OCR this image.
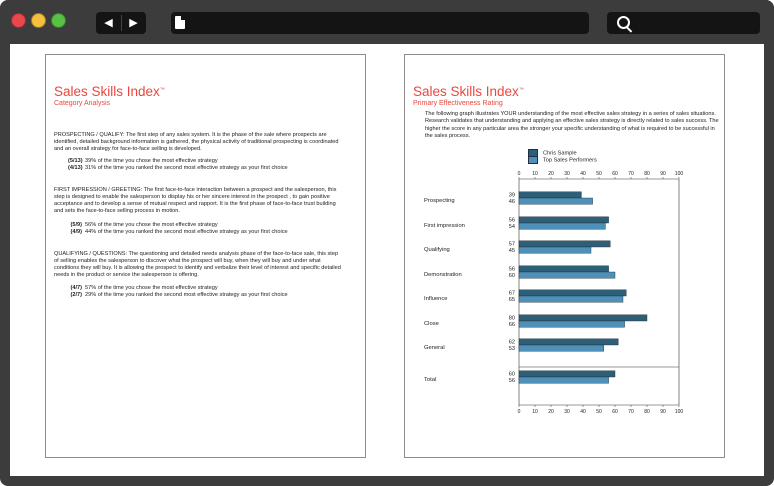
◀	▶
Sales Skills Index™
Category Analysis
PROSPECTING / QUALIFY: The first step of any sales system. It is the phase of the sale where prospects are identified, detailed background information is gathered, the physical activity of traditional prospecting is coordinated and an overall strategy for face-to-face selling is developed.
(5/13) 39% of the time you chose the most effective strategy
(4/13) 31% of the time you ranked the second most effective strategy as your first choice
FIRST IMPRESSION / GREETING: The first face-to-face interaction between a prospect and the salesperson, this step is designed to enable the salesperson to display his or her sincere interest in the prospect , to gain positive acceptance and to develop a sense of mutual respect and rapport. It is the first phase of face-to-face trust building and sets the face-to-face selling process in motion.
(5/9) 56% of the time you chose the most effective strategy
(4/9) 44% of the time you ranked the second most effective strategy as your first choice
QUALIFYING / QUESTIONS: The questioning and detailed needs analysis phase of the face-to-face sale, this step of selling enables the salesperson to discover what the prospect will buy, when they will buy and under what conditions they will buy. It is allowing the prospect to identify and verbalize their level of interest and specific detailed needs in the product or service the salesperson is offering.
(4/7) 57% of the time you chose the most effective strategy
(2/7) 29% of the time you ranked the second most effective strategy as your first choice
Sales Skills Index™
Primary Effectiveness Rating
The following graph illustrates YOUR understanding of the most effective sales strategy in a series of sales situations. Research validates that understanding and applying an effective sales strategy is directly related to sales success. The higher the score in any particular area the stronger your specific understanding of what is required to be successful in the sales process.
Chris Sample
Top Sales Performers
0
0
10
10
20
20
30
30
40
40
50
50
60
60
70
70
80
80
90
90
100
100
Prospecting
39
46
First impression
56
54
Qualifying
57
45
Demonstration
56
60
Influence
67
65
Close
80
66
General
62
53
Total
60
56
